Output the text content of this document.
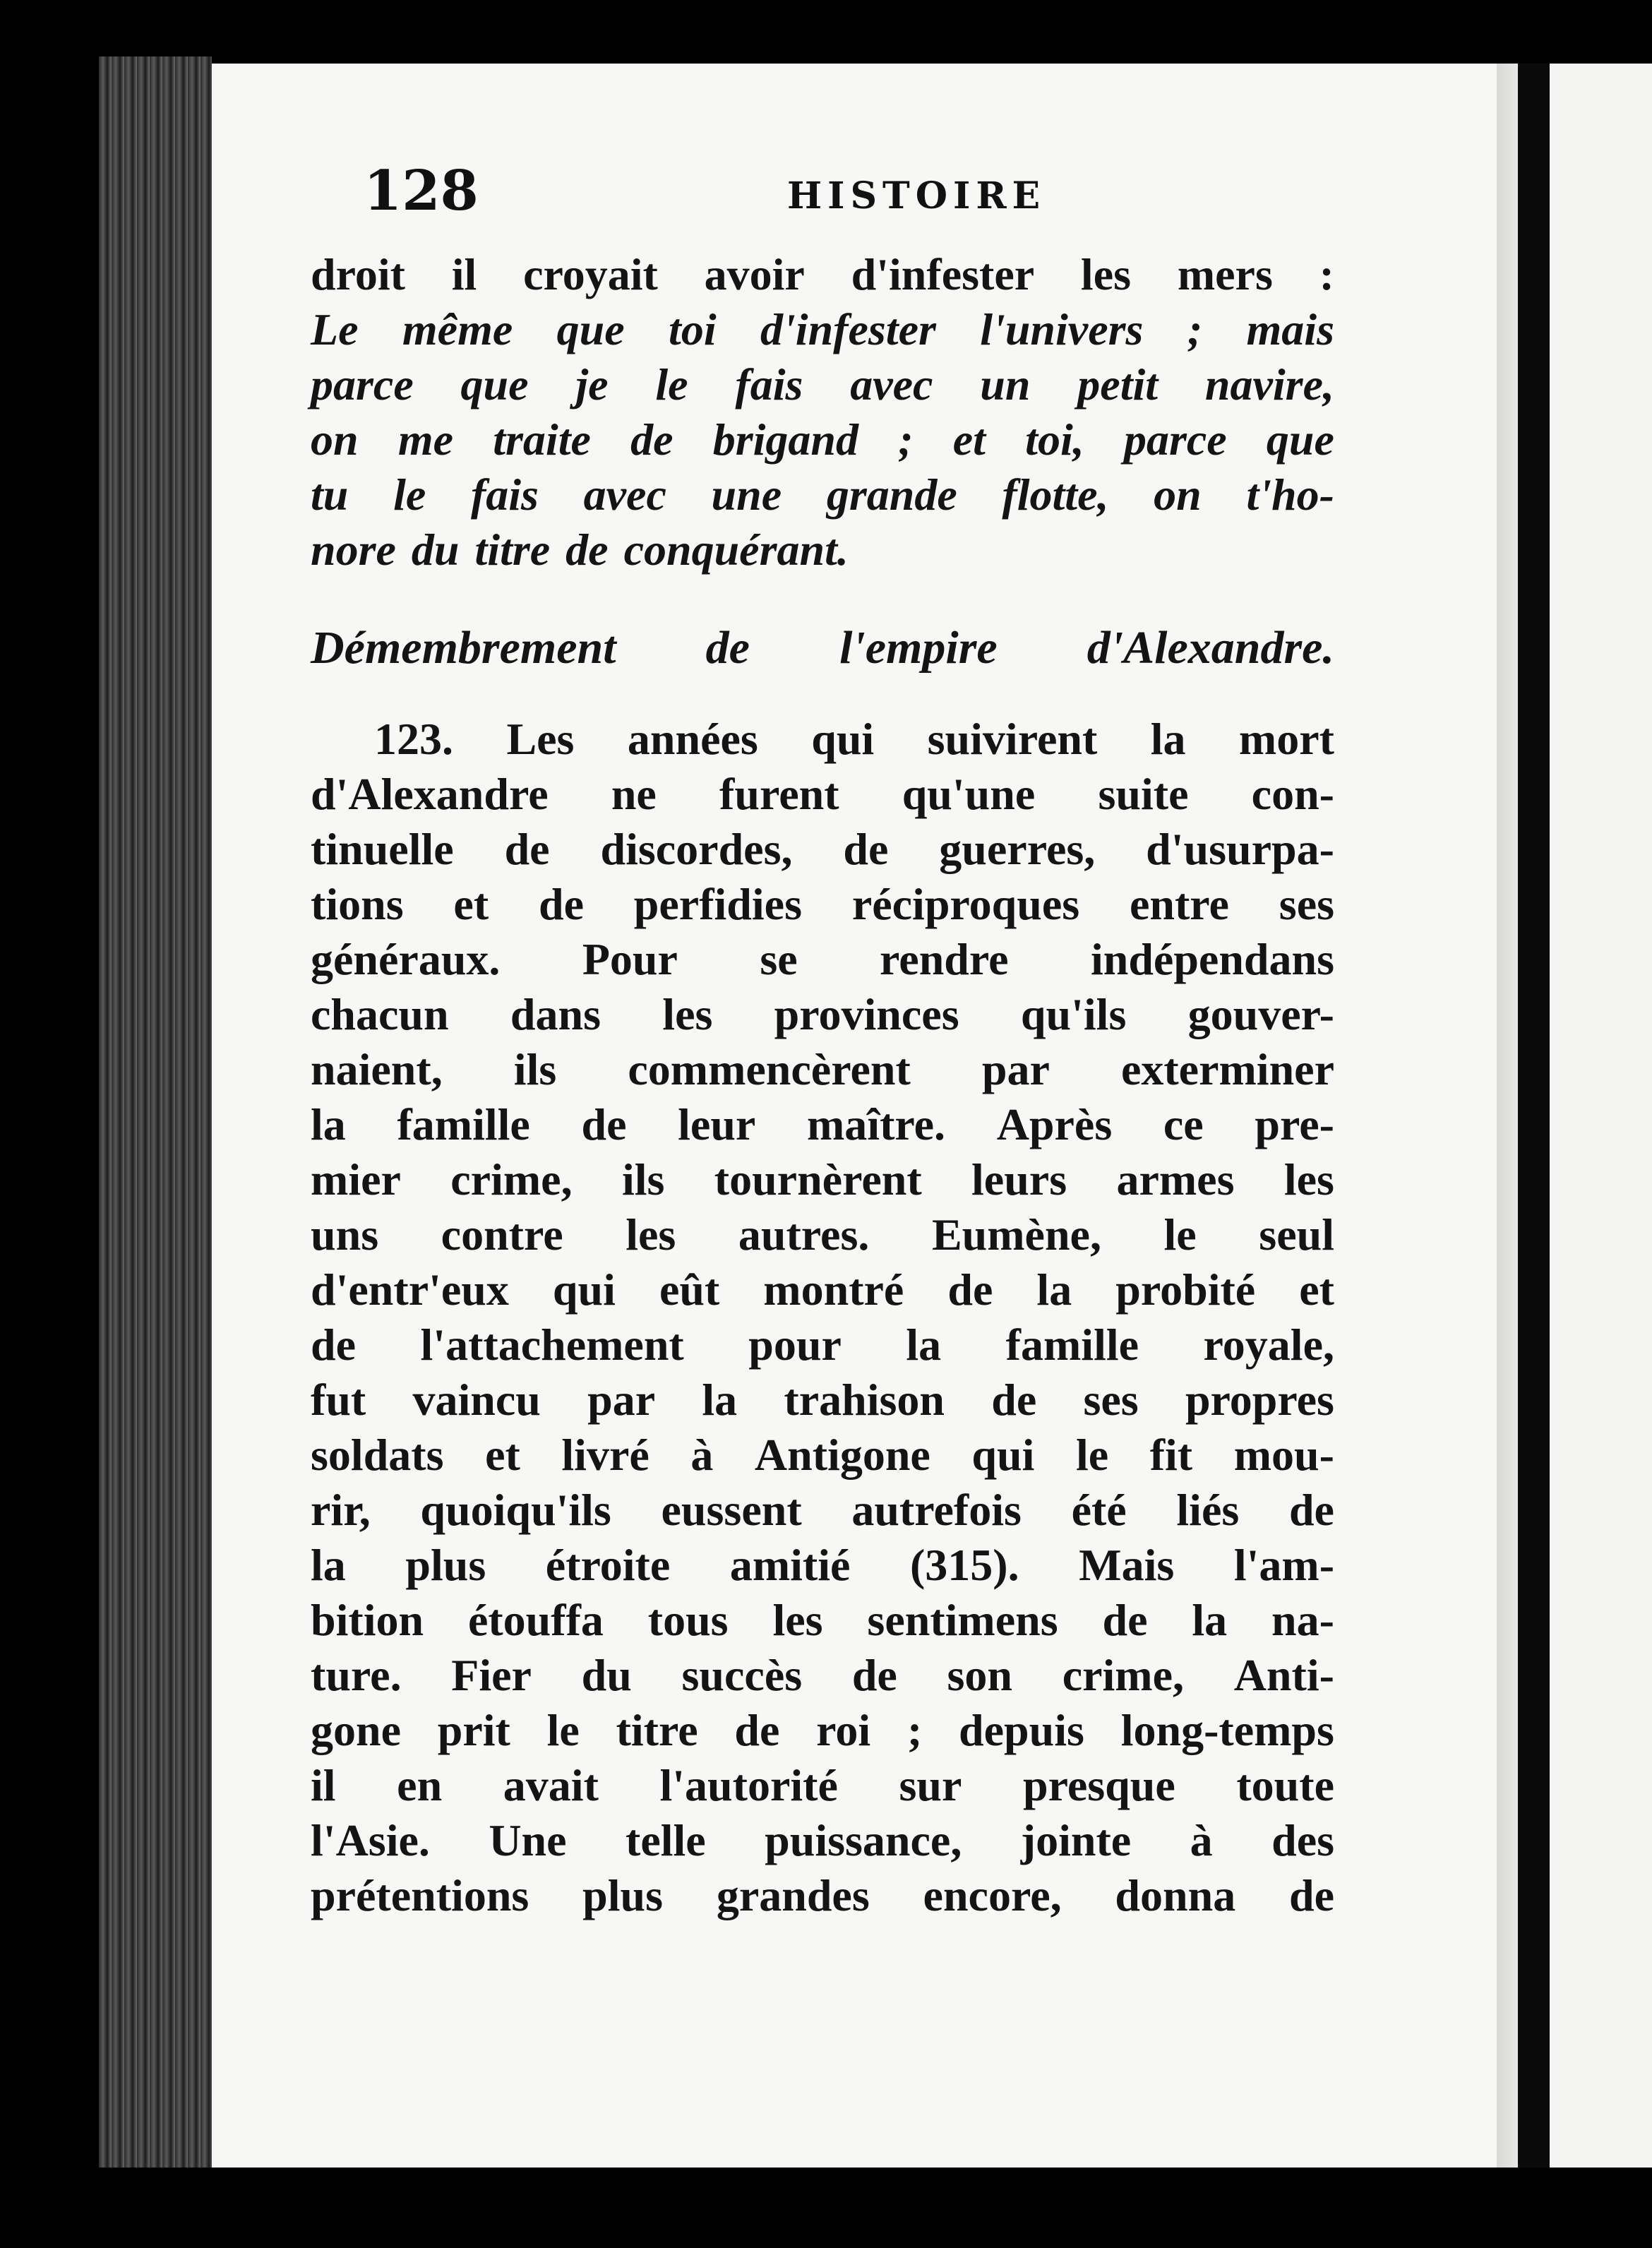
128	HISTOIRE
droit il croyait avoir d'infester les mers :
Le même que toi d'infester l'univers ; mais
parce que je le fais avec un petit navire,
on me traite de brigand ; et toi, parce que
tu le fais avec une grande flotte, on t'ho-
nore du titre de conquérant.
Démembrement de l'empire d'Alexandre.
123. Les années qui suivirent la mort
d'Alexandre ne furent qu'une suite con-
tinuelle de discordes, de guerres, d'usurpa-
tions et de perfidies réciproques entre ses
généraux. Pour se rendre indépendans
chacun dans les provinces qu'ils gouver-
naient, ils commencèrent par exterminer
la famille de leur maître. Après ce pre-
mier crime, ils tournèrent leurs armes les
uns contre les autres. Eumène, le seul
d'entr'eux qui eût montré de la probité et
de l'attachement pour la famille royale,
fut vaincu par la trahison de ses propres
soldats et livré à Antigone qui le fit mou-
rir, quoiqu'ils eussent autrefois été liés de
la plus étroite amitié (315). Mais l'am-
bition étouffa tous les sentimens de la na-
ture. Fier du succès de son crime, Anti-
gone prit le titre de roi ; depuis long-temps
il en avait l'autorité sur presque toute
l'Asie. Une telle puissance, jointe à des
prétentions plus grandes encore, donna de
